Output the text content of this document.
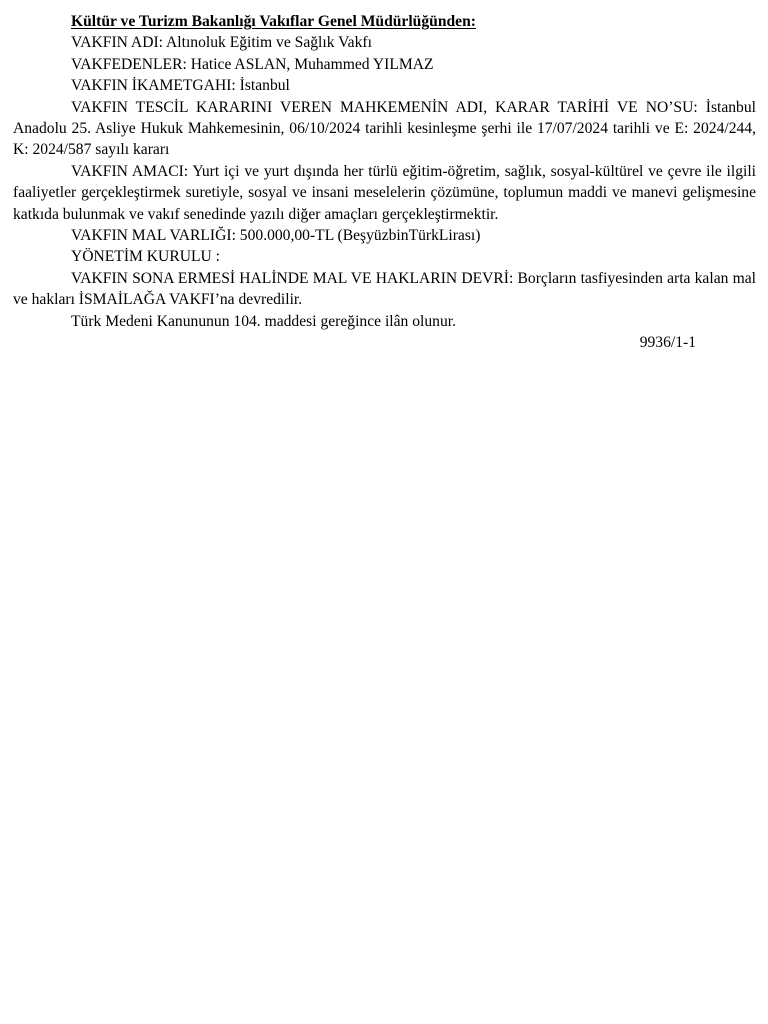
Kültür ve Turizm Bakanlığı Vakıflar Genel Müdürlüğünden:

VAKFIN ADI: Altınoluk Eğitim ve Sağlık Vakfı

VAKFEDENLER: Hatice ASLAN, Muhammed YILMAZ

VAKFIN İKAMETGAHI: İstanbul

VAKFIN TESCİL KARARINI VEREN MAHKEMENİN ADI, KARAR TARİHİ VE NO’SU: İstanbul Anadolu 25. Asliye Hukuk Mahkemesinin, 06/10/2024 tarihli kesinleşme şerhi ile 17/07/2024 tarihli ve E: 2024/244, K: 2024/587 sayılı kararı

VAKFIN AMACI: Yurt içi ve yurt dışında her türlü eğitim-öğretim, sağlık, sosyal-kültürel ve çevre ile ilgili faaliyetler gerçekleştirmek suretiyle, sosyal ve insani meselelerin çözümüne, toplumun maddi ve manevi gelişmesine katkıda bulunmak ve vakıf senedinde yazılı diğer amaçları gerçekleştirmektir.

VAKFIN MAL VARLIĞI: 500.000,00-TL (BeşyüzbinTürkLirası)

YÖNETİM KURULU :

VAKFIN SONA ERMESİ HALİNDE MAL VE HAKLARIN DEVRİ: Borçların tasfiyesinden arta kalan mal ve hakları İSMAİLAĞA VAKFI’na devredilir.

Türk Medeni Kanununun 104. maddesi gereğince ilân olunur.

9936/1-1
